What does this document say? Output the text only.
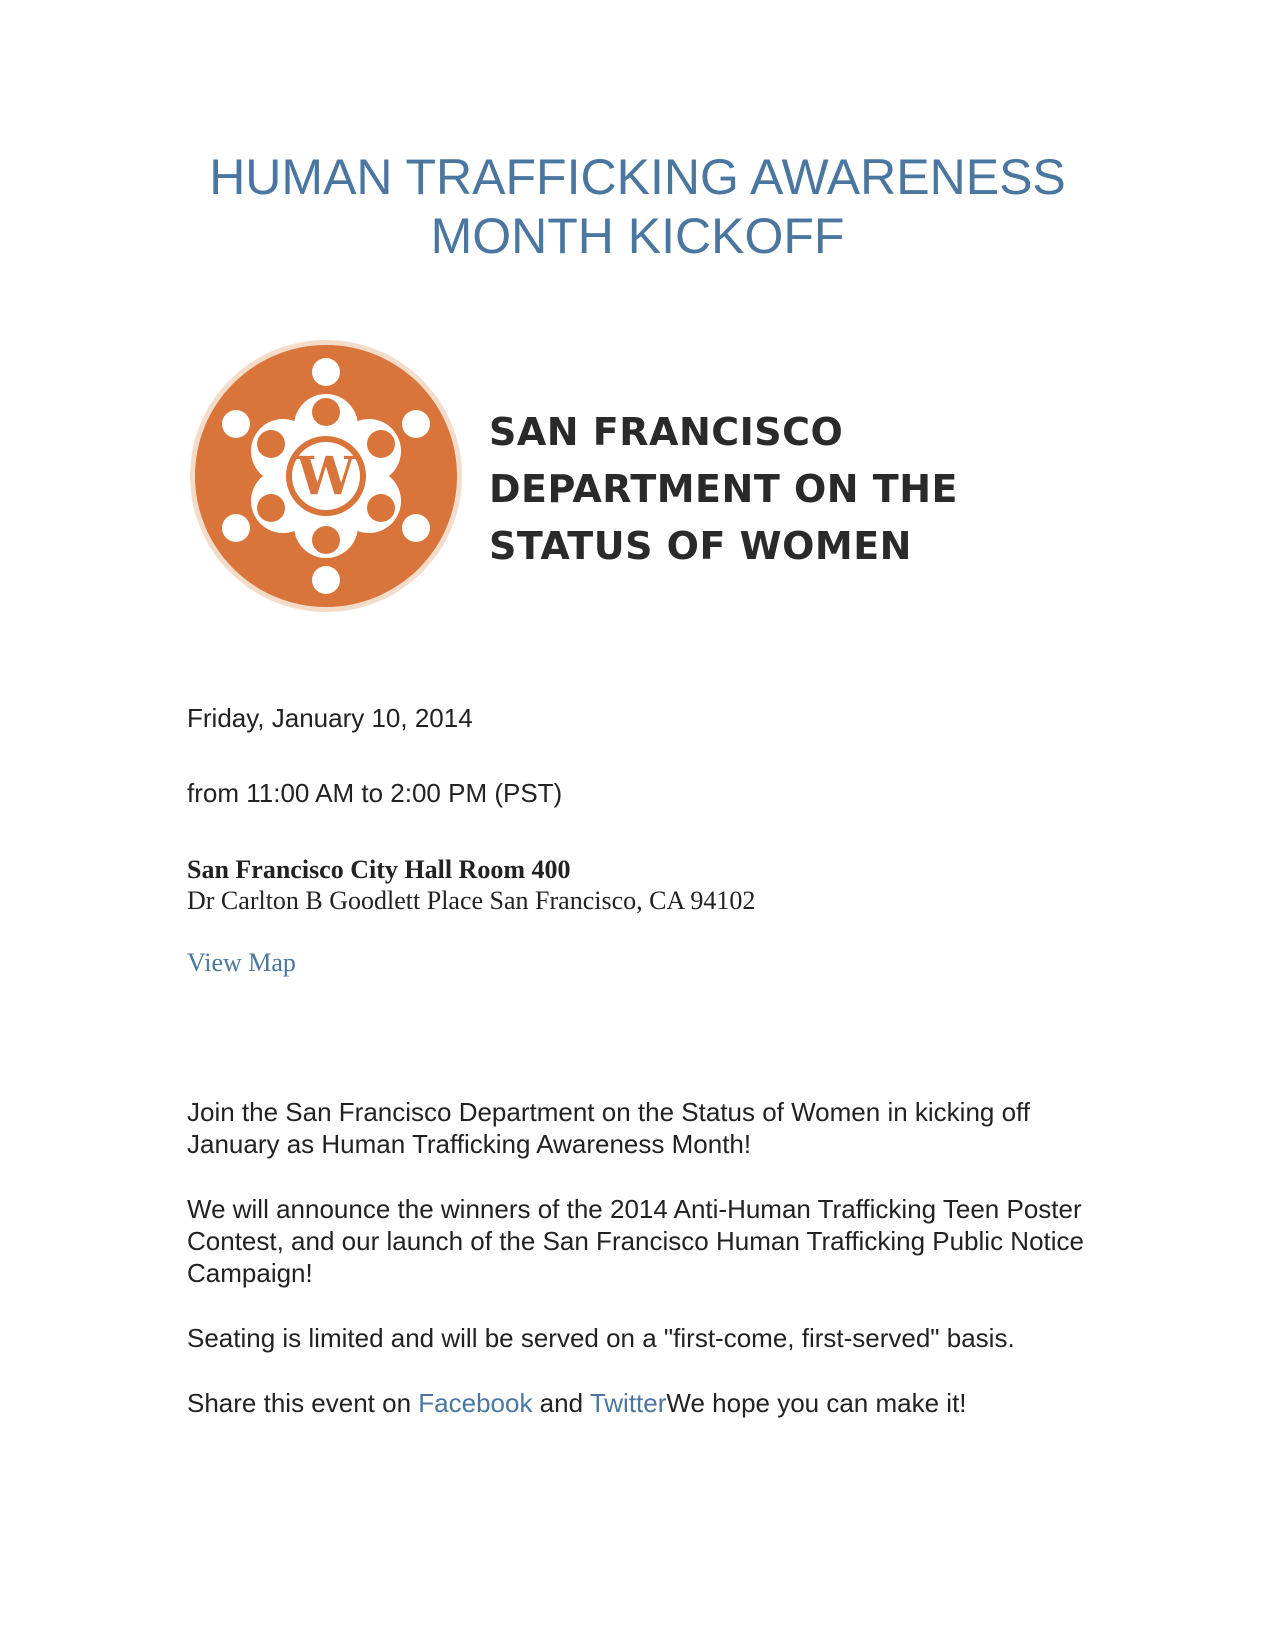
HUMAN TRAFFICKING AWARENESS
MONTH KICKOFF
W
SAN FRANCISCO
DEPARTMENT ON THE
STATUS OF WOMEN

Friday, January 10, 2014

from 11:00 AM to 2:00 PM (PST)

San Francisco City Hall Room 400

Dr Carlton B Goodlett Place San Francisco, CA 94102

View Map

Join the San Francisco Department on the Status of Women in kicking off January as Human Trafficking Awareness Month!

We will announce the winners of the 2014 Anti-Human Trafficking Teen Poster Contest, and our launch of the San Francisco Human Trafficking Public Notice Campaign!

Seating is limited and will be served on a "first-come, first-served" basis.

Share this event on Facebook and TwitterWe hope you can make it!
